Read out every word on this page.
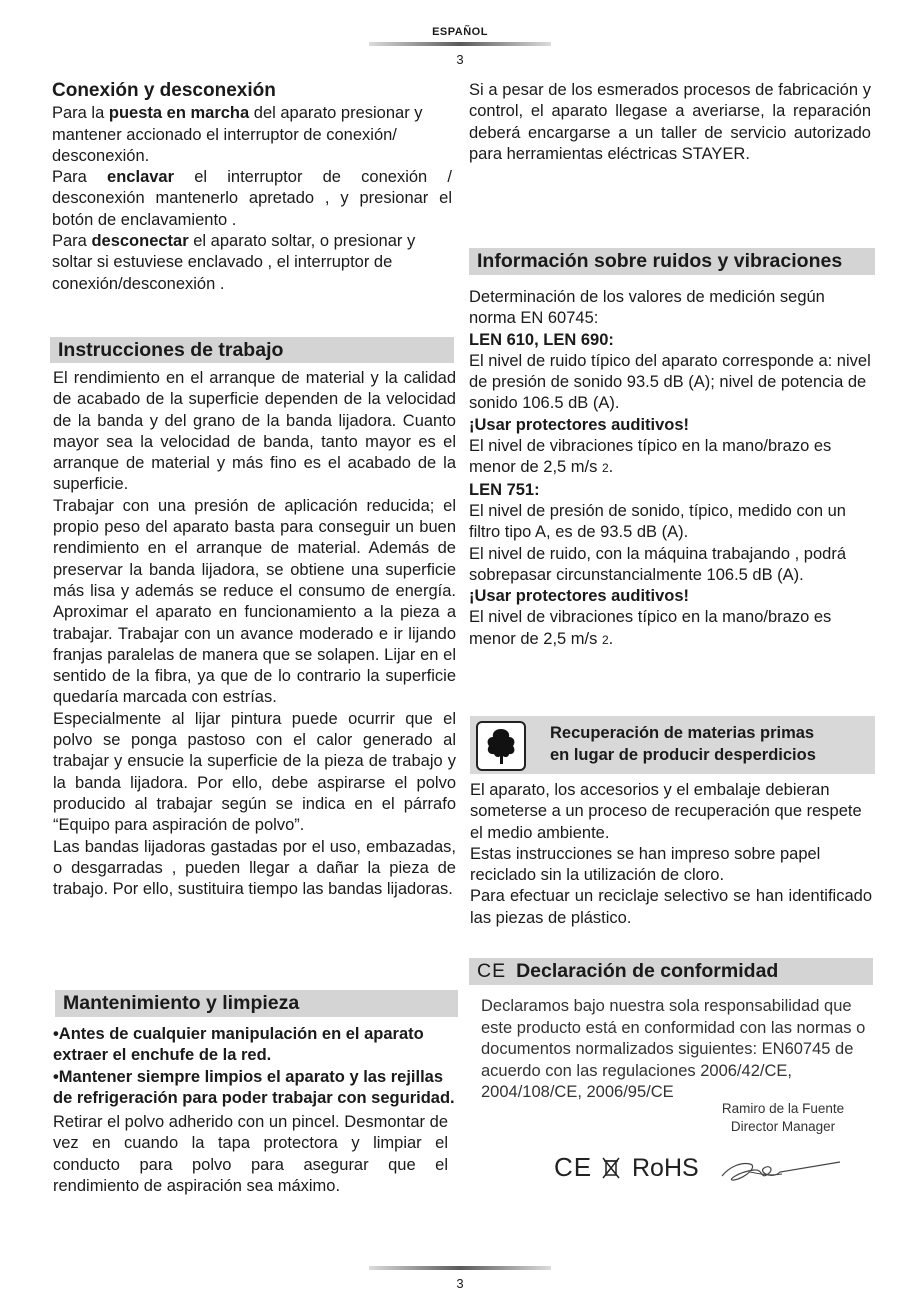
ESPAÑOL
3
Conexión y desconexión

Para la puesta en marcha del aparato presionar y mantener accionado el interruptor de conexión/ desconexión.

Para enclavar el interruptor de conexión / desconexión mantenerlo apretado , y presionar el botón de enclavamiento .

Para desconectar el aparato soltar, o presionar y soltar si estuviese enclavado , el interruptor de conexión/desconexión .

Instrucciones de trabajo

El rendimiento en el arranque de material y la calidad de acabado de la superficie dependen de la velocidad de la banda y del grano de la banda lijadora. Cuanto mayor sea la velocidad de banda, tanto mayor es el arranque de material y más fino es el acabado de la superficie.

Trabajar con una presión de aplicación reducida; el propio peso del aparato basta para conseguir un buen rendimiento en el arranque de material. Además de preservar la banda lijadora, se obtiene una superficie más lisa y además se reduce el consumo de energía. Aproximar el aparato en funcionamiento a la pieza a trabajar. Trabajar con un avance moderado e ir lijando franjas paralelas de manera que se solapen. Lijar en el sentido de la fibra, ya que de lo contrario la superficie quedaría marcada con estrías.

Especialmente al lijar pintura puede ocurrir que el polvo se ponga pastoso con el calor generado al trabajar y ensucie la superficie de la pieza de trabajo y la banda lijadora. Por ello, debe aspirarse el polvo producido al trabajar según se indica en el párrafo “Equipo para aspiración de polvo”.

Las bandas lijadoras gastadas por el uso, embazadas, o desgarradas , pueden llegar a dañar la pieza de trabajo. Por ello, sustituira tiempo las bandas lijadoras.

Mantenimiento y limpieza

•Antes de cualquier manipulación en el aparato extraer el enchufe de la red.

•Mantener siempre limpios el aparato y las rejillas de refrigeración para poder trabajar con seguridad.

Retirar el polvo adherido con un pincel. Desmontar de vez en cuando la tapa protectora y limpiar el conducto para polvo para asegurar que el rendimiento de aspiración sea máximo.

Si a pesar de los esmerados procesos de fabricación y control, el aparato llegase a averiarse, la reparación deberá encargarse a un taller de servicio autorizado para herramientas eléctricas STAYER.
Información sobre ruidos y vibraciones

Determinación de los valores de medición según norma EN 60745:

LEN 610, LEN 690:

El nivel de ruido típico del aparato corresponde a: nivel de presión de sonido 93.5 dB (A); nivel de potencia de sonido 106.5 dB (A).

¡Usar protectores auditivos!

El nivel de vibraciones típico en la mano/brazo es menor de 2,5 m/s 2.

LEN 751:

El nivel de presión de sonido, típico, medido con un filtro tipo A, es de 93.5 dB (A).

El nivel de ruido, con la máquina trabajando , podrá sobrepasar circunstancialmente 106.5 dB (A).

¡Usar protectores auditivos!

El nivel de vibraciones típico en la mano/brazo es menor de 2,5 m/s 2.

Recuperación de materias primas
en lugar de producir desperdicios

El aparato, los accesorios y el embalaje debieran someterse a un proceso de recuperación que respete el medio ambiente.

Estas instrucciones se han impreso sobre papel reciclado sin la utilización de cloro.

Para efectuar un reciclaje selectivo se han identificado las piezas de plástico.

CE Declaración de conformidad
Declaramos bajo nuestra sola responsabilidad que este producto está en conformidad con las normas o documentos normalizados siguientes: EN60745 de acuerdo con las regulaciones 2006/42/CE, 2004/108/CE, 2006/95/CE
Ramiro de la Fuente
Director Manager
CE RoHS
3
